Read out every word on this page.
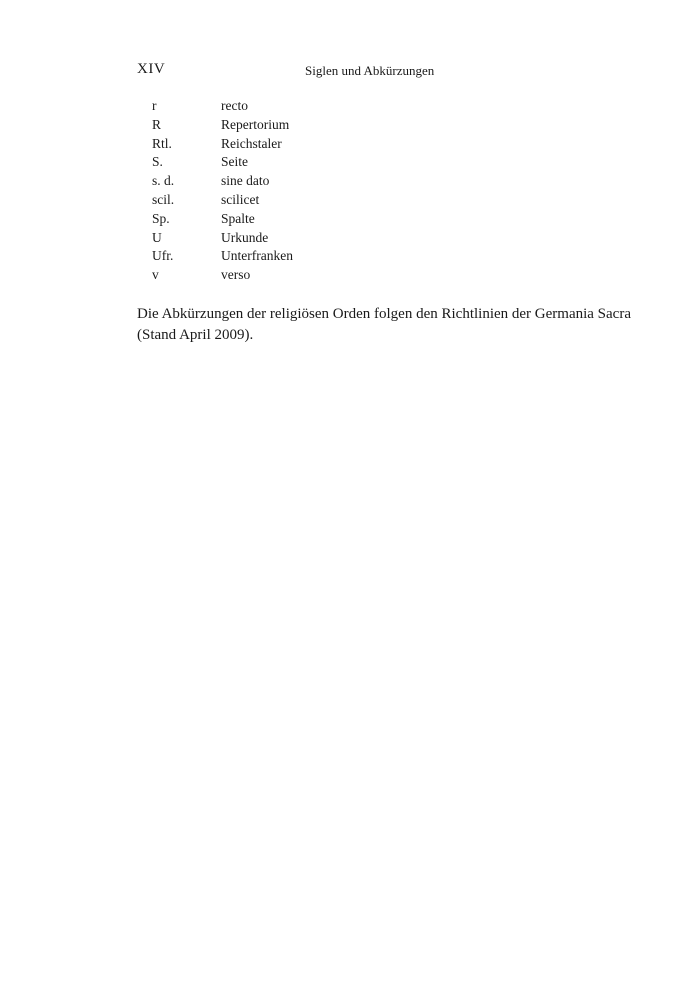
XIV	Siglen und Abkürzungen
r	recto
R	Repertorium
Rtl.	Reichstaler
S.	Seite
s. d.	sine dato
scil.	scilicet
Sp.	Spalte
U	Urkunde
Ufr.	Unterfranken
v	verso

Die Abkürzungen der religiösen Orden folgen den Richtlinien der Germania Sacra (Stand April 2009).
